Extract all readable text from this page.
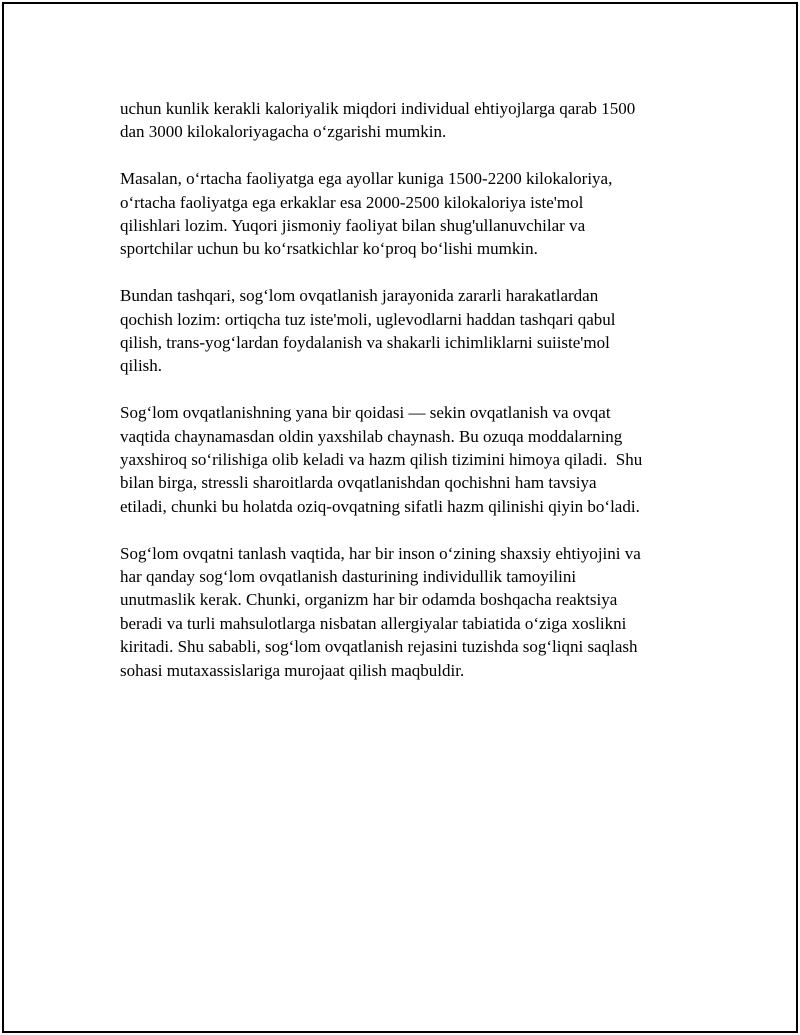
uchun kunlik kerakli kaloriyalik miqdori individual ehtiyojlarga qarab 1500
dan 3000 kilokaloriyagacha o‘zgarishi mumkin.

Masalan, o‘rtacha faoliyatga ega ayollar kuniga 1500-2200 kilokaloriya,
o‘rtacha faoliyatga ega erkaklar esa 2000-2500 kilokaloriya iste'mol
qilishlari lozim. Yuqori jismoniy faoliyat bilan shug'ullanuvchilar va
sportchilar uchun bu ko‘rsatkichlar ko‘proq bo‘lishi mumkin.

Bundan tashqari, sog‘lom ovqatlanish jarayonida zararli harakatlardan
qochish lozim: ortiqcha tuz iste'moli, uglevodlarni haddan tashqari qabul
qilish, trans-yog‘lardan foydalanish va shakarli ichimliklarni suiiste'mol
qilish.

Sog‘lom ovqatlanishning yana bir qoidasi — sekin ovqatlanish va ovqat
vaqtida chaynamasdan oldin yaxshilab chaynash. Bu ozuqa moddalarning
yaxshiroq so‘rilishiga olib keladi va hazm qilish tizimini himoya qiladi.  Shu
bilan birga, stressli sharoitlarda ovqatlanishdan qochishni ham tavsiya
etiladi, chunki bu holatda oziq-ovqatning sifatli hazm qilinishi qiyin bo‘ladi.

Sog‘lom ovqatni tanlash vaqtida, har bir inson o‘zining shaxsiy ehtiyojini va
har qanday sog‘lom ovqatlanish dasturining individullik tamoyilini
unutmaslik kerak. Chunki, organizm har bir odamda boshqacha reaktsiya
beradi va turli mahsulotlarga nisbatan allergiyalar tabiatida o‘ziga xoslikni
kiritadi. Shu sababli, sog‘lom ovqatlanish rejasini tuzishda sog‘liqni saqlash
sohasi mutaxassislariga murojaat qilish maqbuldir.
